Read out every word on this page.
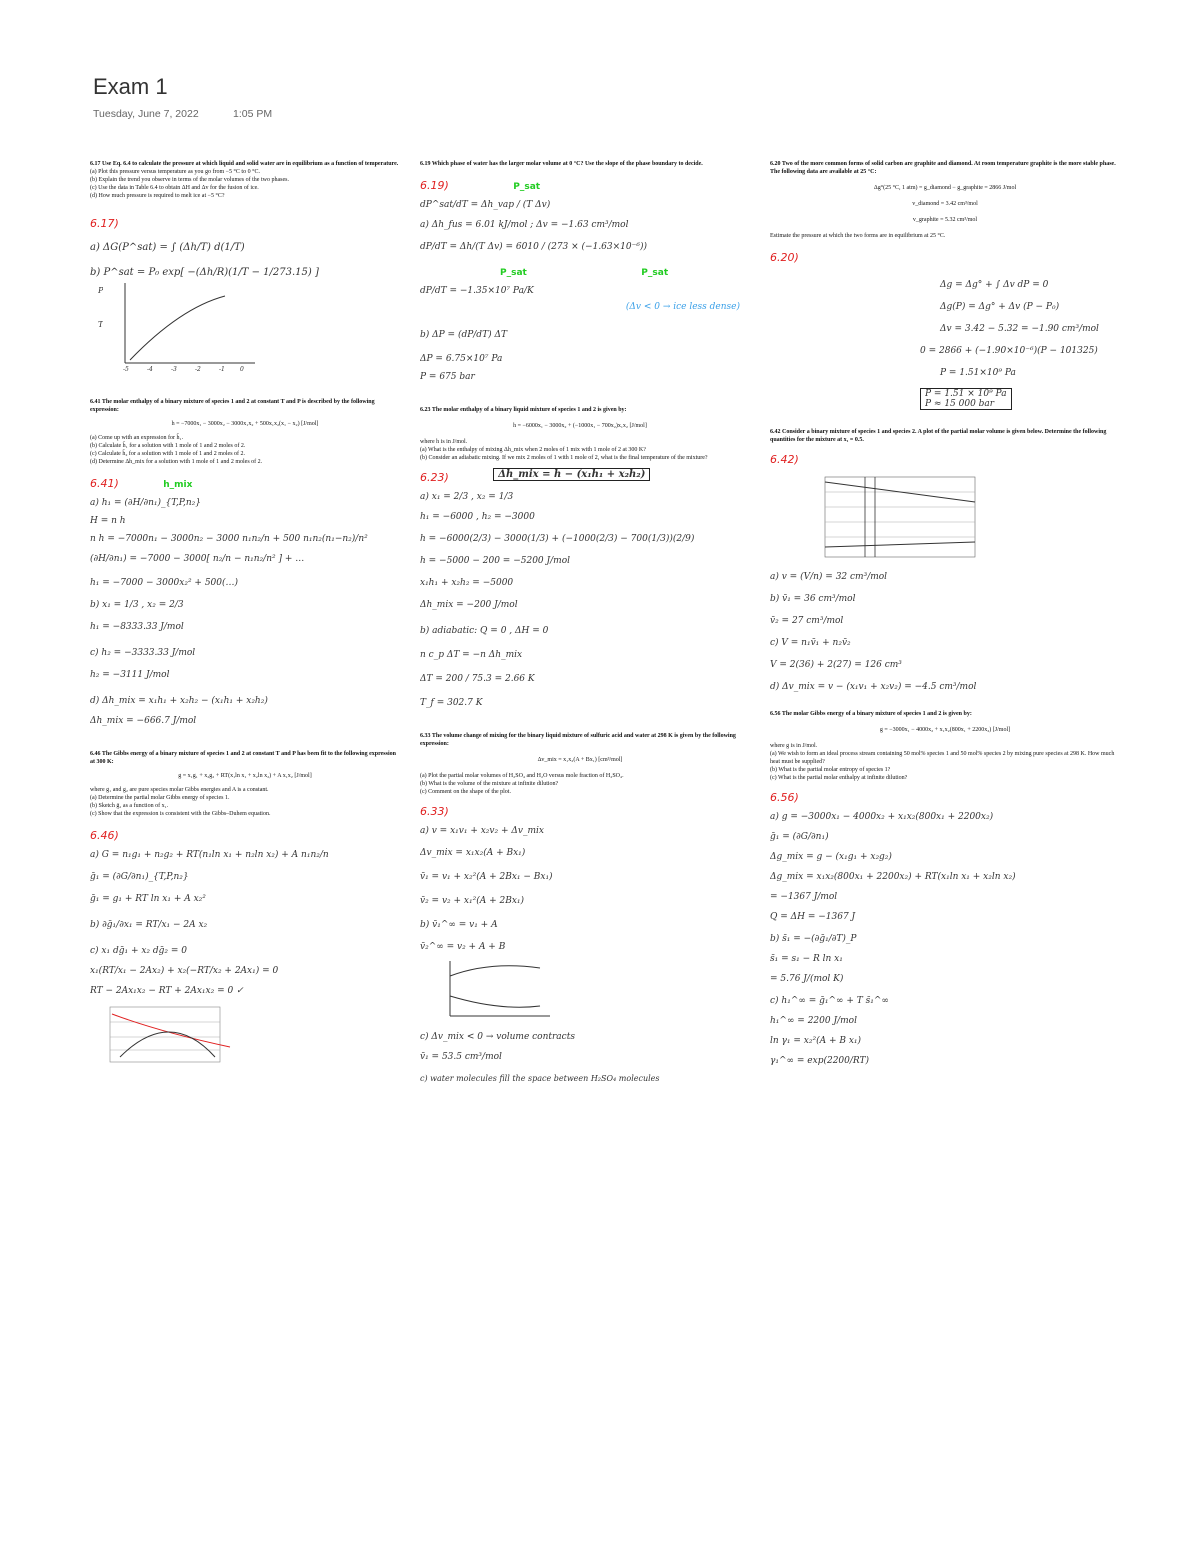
Exam 1
Tuesday, June 7, 2022	1:05 PM

6.17 Use Eq. 6.4 to calculate the pressure at which liquid and solid water are in equilibrium as a function of temperature.

(a) Plot this pressure versus temperature as you go from −5 °C to 0 °C.

(b) Explain the trend you observe in terms of the molar volumes of the two phases.

(c) Use the data in Table 6.4 to obtain ΔH and Δv for the fusion of ice.

(d) How much pressure is required to melt ice at −5 °C?

6.17)

a) ΔG(P^sat) = ∫ (Δh/T) d(1/T)

b) P^sat = P₀ exp[ −(Δh/R)(1/T − 1/273.15) ]

P
T
-5	-4	-3	-2	-1	0

6.41 The molar enthalpy of a binary mixture of species 1 and 2 at constant T and P is described by the following expression:

h = −7000x₁ − 3000x₂ − 3000x₁x₂ + 500x₁x₂(x₁ − x₂) [J/mol]

(a) Come up with an expression for h̄₁.

(b) Calculate h̄₁ for a solution with 1 mole of 1 and 2 moles of 2.

(c) Calculate h̄₂ for a solution with 1 mole of 1 and 2 moles of 2.

(d) Determine Δh_mix for a solution with 1 mole of 1 and 2 moles of 2.

6.41)	h_mix

a) h̄₁ = (∂H/∂n₁)_{T,P,n₂}

H = n h

n h = −7000n₁ − 3000n₂ − 3000 n₁n₂/n + 500 n₁n₂(n₁−n₂)/n²

(∂H/∂n₁) = −7000 − 3000[ n₂/n − n₁n₂/n² ] + …

h̄₁ = −7000 − 3000x₂² + 500(…)

b) x₁ = 1/3 , x₂ = 2/3

h̄₁ = −8333.33 J/mol

c) h̄₂ = −3333.33 J/mol

h̄₂ = −3111 J/mol

d) Δh_mix = x₁h̄₁ + x₂h̄₂ − (x₁h₁ + x₂h₂)

Δh_mix = −666.7 J/mol

6.46 The Gibbs energy of a binary mixture of species 1 and 2 at constant T and P has been fit to the following expression at 300 K:

g = x₁g₁ + x₂g₂ + RT(x₁ln x₁ + x₂ln x₂) + A x₁x₂ [J/mol]

where g₁ and g₂ are pure species molar Gibbs energies and A is a constant.

(a) Determine the partial molar Gibbs energy of species 1.

(b) Sketch ḡ₁ as a function of x₁.

(c) Show that the expression is consistent with the Gibbs–Duhem equation.

6.46)

a) G = n₁g₁ + n₂g₂ + RT(n₁ln x₁ + n₂ln x₂) + A n₁n₂/n

ḡ₁ = (∂G/∂n₁)_{T,P,n₂}

ḡ₁ = g₁ + RT ln x₁ + A x₂²

b) ∂ḡ₁/∂x₁ = RT/x₁ − 2A x₂

c) x₁ dḡ₁ + x₂ dḡ₂ = 0

x₁(RT/x₁ − 2Ax₂) + x₂(−RT/x₂ + 2Ax₁) = 0

RT − 2Ax₁x₂ − RT + 2Ax₁x₂ = 0 ✓

6.19 Which phase of water has the larger molar volume at 0 °C? Use the slope of the phase boundary to decide.

6.19)	P_sat

dP^sat/dT = Δh_vap / (T Δv)

a) Δh_fus = 6.01 kJ/mol ; Δv = −1.63 cm³/mol

dP/dT = Δh/(T Δv) = 6010 / (273 × (−1.63×10⁻⁶))

P_sat	P_sat

dP/dT = −1.35×10⁷ Pa/K

(Δv < 0 → ice less dense)

b) ΔP = (dP/dT) ΔT

ΔP = 6.75×10⁷ Pa

P = 675 bar

6.23 The molar enthalpy of a binary liquid mixture of species 1 and 2 is given by:

h = −6000x₁ − 3000x₂ + (−1000x₁ − 700x₂)x₁x₂ [J/mol]

where h is in J/mol.

(a) What is the enthalpy of mixing Δh_mix when 2 moles of 1 mix with 1 mole of 2 at 300 K?

(b) Consider an adiabatic mixing. If we mix 2 moles of 1 with 1 mole of 2, what is the final temperature of the mixture?

6.23)	Δh_mix = h − (x₁h₁ + x₂h₂)

a) x₁ = 2/3 , x₂ = 1/3

h₁ = −6000 , h₂ = −3000

h = −6000(2/3) − 3000(1/3) + (−1000(2/3) − 700(1/3))(2/9)

h = −5000 − 200 = −5200 J/mol

x₁h₁ + x₂h₂ = −5000

Δh_mix = −200 J/mol

b) adiabatic: Q = 0 , ΔH = 0

n c_p ΔT = −n Δh_mix

ΔT = 200 / 75.3 = 2.66 K

T_f = 302.7 K

6.33 The volume change of mixing for the binary liquid mixture of sulfuric acid and water at 298 K is given by the following expression:

Δv_mix = x₁x₂(A + Bx₁) [cm³/mol]

(a) Plot the partial molar volumes of H₂SO₄ and H₂O versus mole fraction of H₂SO₄.

(b) What is the volume of the mixture at infinite dilution?

(c) Comment on the shape of the plot.

6.33)

a) v = x₁v₁ + x₂v₂ + Δv_mix

Δv_mix = x₁x₂(A + Bx₁)

v̄₁ = v₁ + x₂²(A + 2Bx₁ − Bx₁)

v̄₂ = v₂ + x₁²(A + 2Bx₁)

b) v̄₁^∞ = v₁ + A

v̄₂^∞ = v₂ + A + B

c) Δv_mix < 0 → volume contracts

v̄₁ = 53.5 cm³/mol

c) water molecules fill the space between H₂SO₄ molecules

6.20 Two of the more common forms of solid carbon are graphite and diamond. At room temperature graphite is the more stable phase. The following data are available at 25 °C:

Δg°(25 °C, 1 atm) = g_diamond − g_graphite = 2866 J/mol

v_diamond = 3.42 cm³/mol

v_graphite = 5.32 cm³/mol

Estimate the pressure at which the two forms are in equilibrium at 25 °C.

6.20)

Δg = Δg° + ∫ Δv dP = 0

Δg(P) = Δg° + Δv (P − P₀)

Δv = 3.42 − 5.32 = −1.90 cm³/mol

0 = 2866 + (−1.90×10⁻⁶)(P − 101325)

P = 1.51×10⁹ Pa

P = 1.51 × 10⁹ Pa

P ≈ 15 000 bar

6.42 Consider a binary mixture of species 1 and species 2. A plot of the partial molar volume is given below. Determine the following quantities for the mixture at x₁ = 0.5.

6.42)

a) v = (V/n) = 32 cm³/mol

b) v̄₁ = 36 cm³/mol

v̄₂ = 27 cm³/mol

c) V = n₁v̄₁ + n₂v̄₂

V = 2(36) + 2(27) = 126 cm³

d) Δv_mix = v − (x₁v₁ + x₂v₂) = −4.5 cm³/mol

6.56 The molar Gibbs energy of a binary mixture of species 1 and 2 is given by:

g = −3000x₁ − 4000x₂ + x₁x₂(800x₁ + 2200x₂) [J/mol]

where g is in J/mol.

(a) We wish to form an ideal process stream containing 50 mol% species 1 and 50 mol% species 2 by mixing pure species at 298 K. How much heat must be supplied?

(b) What is the partial molar entropy of species 1?

(c) What is the partial molar enthalpy at infinite dilution?

6.56)

a) g = −3000x₁ − 4000x₂ + x₁x₂(800x₁ + 2200x₂)

ḡ₁ = (∂G/∂n₁)

Δg_mix = g − (x₁g₁ + x₂g₂)

Δg_mix = x₁x₂(800x₁ + 2200x₂) + RT(x₁ln x₁ + x₂ln x₂)

= −1367 J/mol

Q = ΔH = −1367 J

b) s̄₁ = −(∂ḡ₁/∂T)_P

s̄₁ = s₁ − R ln x₁

= 5.76 J/(mol K)

c) h̄₁^∞ = ḡ₁^∞ + T s̄₁^∞

h̄₁^∞ = 2200 J/mol

ln γ₁ = x₂²(A + B x₁)

γ₁^∞ = exp(2200/RT)
